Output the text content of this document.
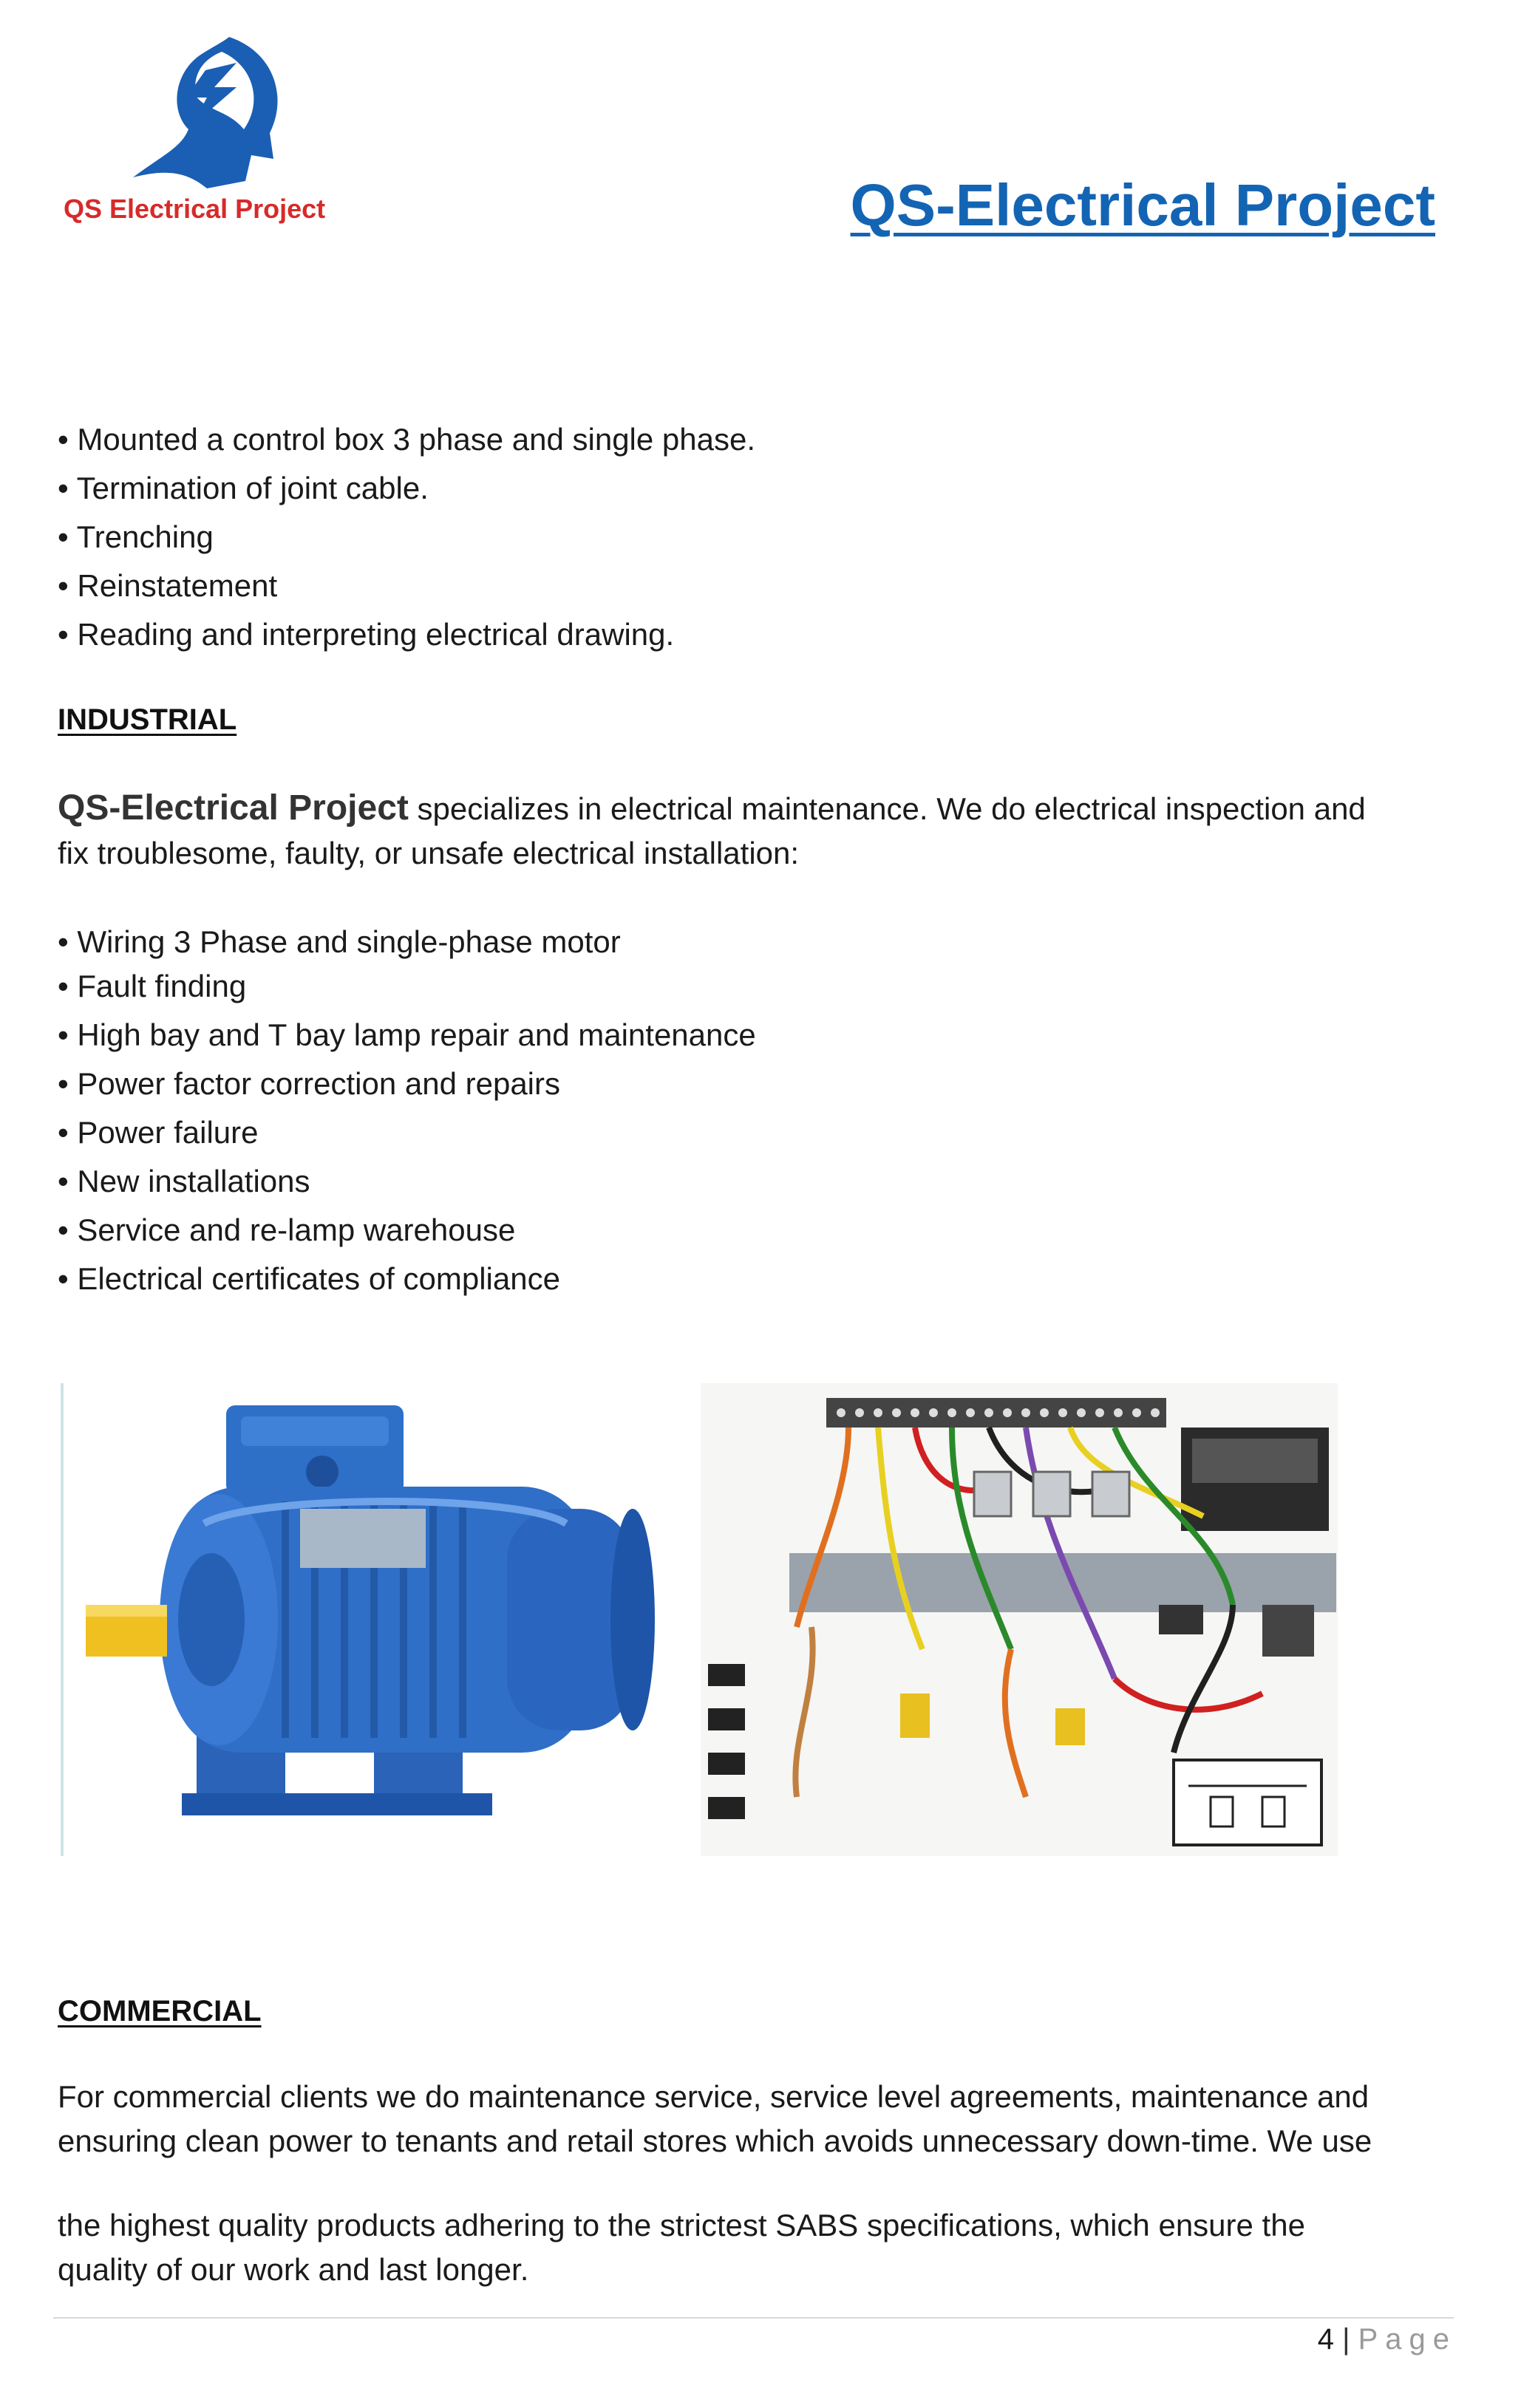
QS Electrical Project	QS-Electrical Project
• Mounted a control box 3 phase and single phase.
• Termination of joint cable.
• Trenching
• Reinstatement
• Reading and interpreting electrical drawing.
INDUSTRIAL
QS-Electrical Project specializes in electrical maintenance. We do electrical inspection and
fix troublesome, faulty, or unsafe electrical installation:
• Wiring 3 Phase and single-phase motor
• Fault finding
• High bay and T bay lamp repair and maintenance
• Power factor correction and repairs
• Power failure
• New installations
• Service and re-lamp warehouse
• Electrical certificates of compliance
COMMERCIAL
For commercial clients we do maintenance service, service level agreements, maintenance and
ensuring clean power to tenants and retail stores which avoids unnecessary down-time. We use
the highest quality products adhering to the strictest SABS specifications, which ensure the
quality of our work and last longer.
4 | Page
